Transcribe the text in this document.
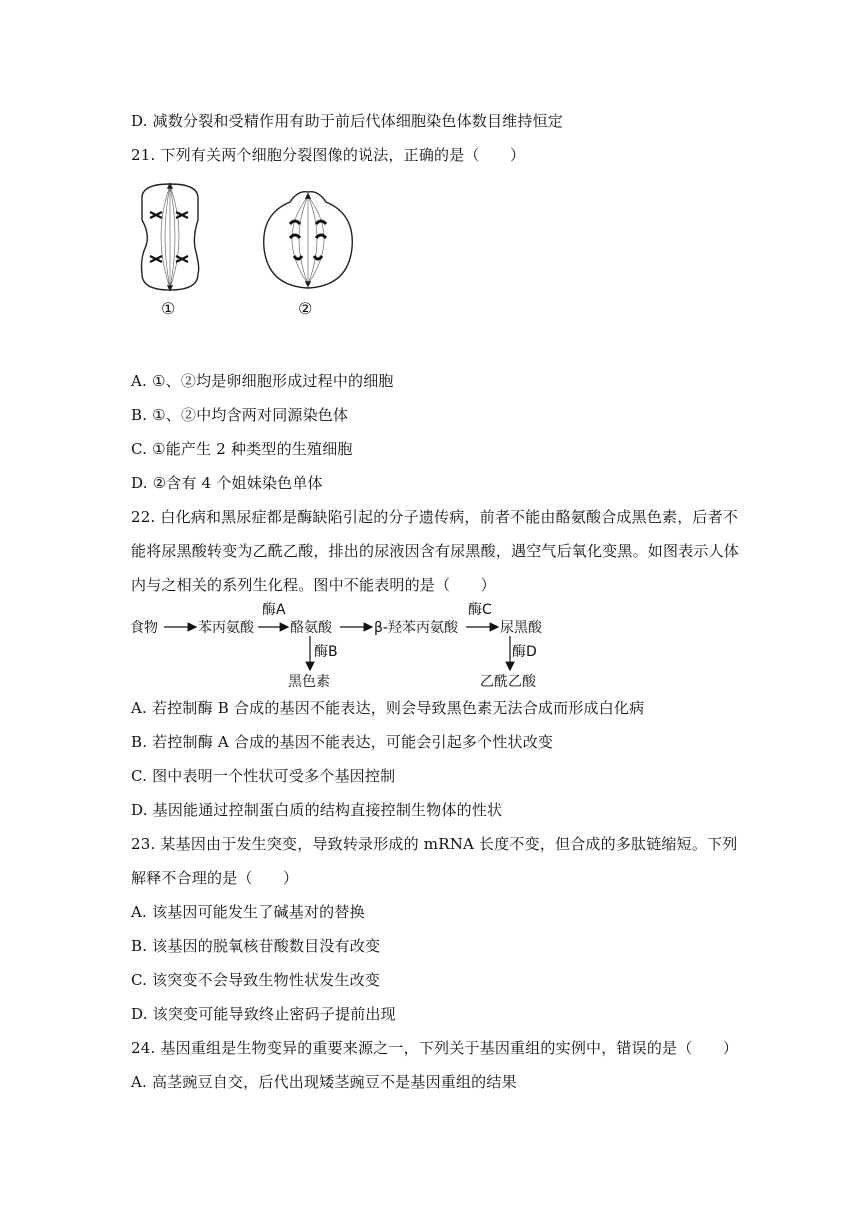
D. 减数分裂和受精作用有助于前后代体细胞染色体数目维持恒定
21. 下列有关两个细胞分裂图像的说法，正确的是（　　）
①	②
A. ①、②均是卵细胞形成过程中的细胞
B. ①、②中均含两对同源染色体
C. ①能产生 2 种类型的生殖细胞
D. ②含有 4 个姐妹染色单体
22. 白化病和黑尿症都是酶缺陷引起的分子遗传病，前者不能由酪氨酸合成黑色素，后者不
能将尿黑酸转变为乙酰乙酸，排出的尿液因含有尿黑酸，遇空气后氧化变黑。如图表示人体
内与之相关的系列生化程。图中不能表明的是（　　）
食物	苯丙氨酸	酪氨酸	β-羟苯丙氨酸	尿黑酸
黑色素	乙酰乙酸
酶A	酶C
酶B	酶D
A. 若控制酶 B 合成的基因不能表达，则会导致黑色素无法合成而形成白化病
B. 若控制酶 A 合成的基因不能表达，可能会引起多个性状改变
C. 图中表明一个性状可受多个基因控制
D. 基因能通过控制蛋白质的结构直接控制生物体的性状
23. 某基因由于发生突变，导致转录形成的 mRNA 长度不变，但合成的多肽链缩短。下列
解释不合理的是（　　）
A. 该基因可能发生了碱基对的替换
B. 该基因的脱氧核苷酸数目没有改变
C. 该突变不会导致生物性状发生改变
D. 该突变可能导致终止密码子提前出现
24. 基因重组是生物变异的重要来源之一，下列关于基因重组的实例中，错误的是（　　）
A. 高茎豌豆自交，后代出现矮茎豌豆不是基因重组的结果
